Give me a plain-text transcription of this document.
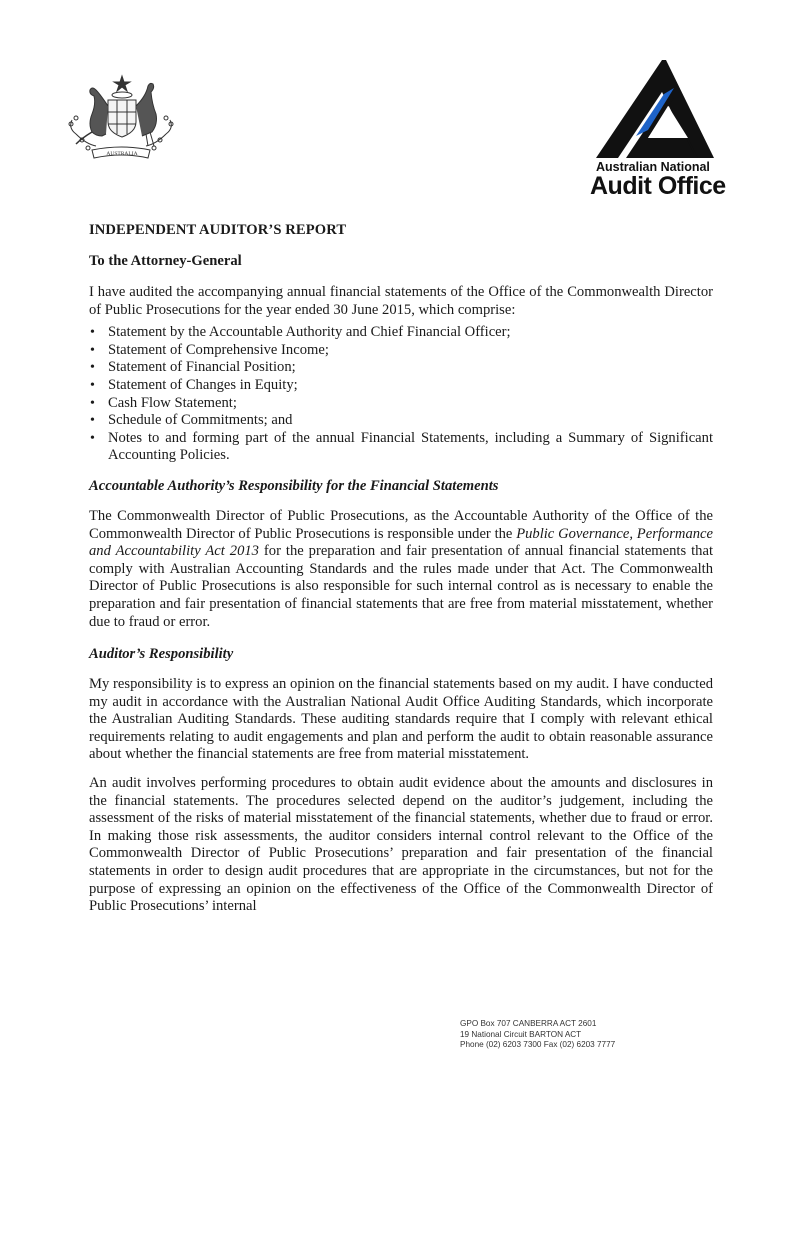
AUSTRALIA
Australian National
Audit Office
INDEPENDENT AUDITOR’S REPORT
To the Attorney-General

I have audited the accompanying annual financial statements of the Office of the Commonwealth Director of Public Prosecutions for the year ended 30 June 2015, which comprise:

• Statement by the Accountable Authority and Chief Financial Officer;
• Statement of Comprehensive Income;
• Statement of Financial Position;
• Statement of Changes in Equity;
• Cash Flow Statement;
• Schedule of Commitments; and
• Notes to and forming part of the annual Financial Statements, including a Summary of Significant Accounting Policies.
Accountable Authority’s Responsibility for the Financial Statements

The Commonwealth Director of Public Prosecutions, as the Accountable Authority of the Office of the Commonwealth Director of Public Prosecutions is responsible under the Public Governance, Performance and Accountability Act 2013 for the preparation and fair presentation of annual financial statements that comply with Australian Accounting Standards and the rules made under that Act. The Commonwealth Director of Public Prosecutions is also responsible for such internal control as is necessary to enable the preparation and fair presentation of financial statements that are free from material misstatement, whether due to fraud or error.

Auditor’s Responsibility

My responsibility is to express an opinion on the financial statements based on my audit. I have conducted my audit in accordance with the Australian National Audit Office Auditing Standards, which incorporate the Australian Auditing Standards. These auditing standards require that I comply with relevant ethical requirements relating to audit engagements and plan and perform the audit to obtain reasonable assurance about whether the financial statements are free from material misstatement.

An audit involves performing procedures to obtain audit evidence about the amounts and disclosures in the financial statements. The procedures selected depend on the auditor’s judgement, including the assessment of the risks of material misstatement of the financial statements, whether due to fraud or error. In making those risk assessments, the auditor considers internal control relevant to the Office of the Commonwealth Director of Public Prosecutions’ preparation and fair presentation of the financial statements in order to design audit procedures that are appropriate in the circumstances, but not for the purpose of expressing an opinion on the effectiveness of the Office of the Commonwealth Director of Public Prosecutions’ internal

GPO Box 707 CANBERRA ACT 2601
19 National Circuit BARTON ACT
Phone (02) 6203 7300 Fax (02) 6203 7777
